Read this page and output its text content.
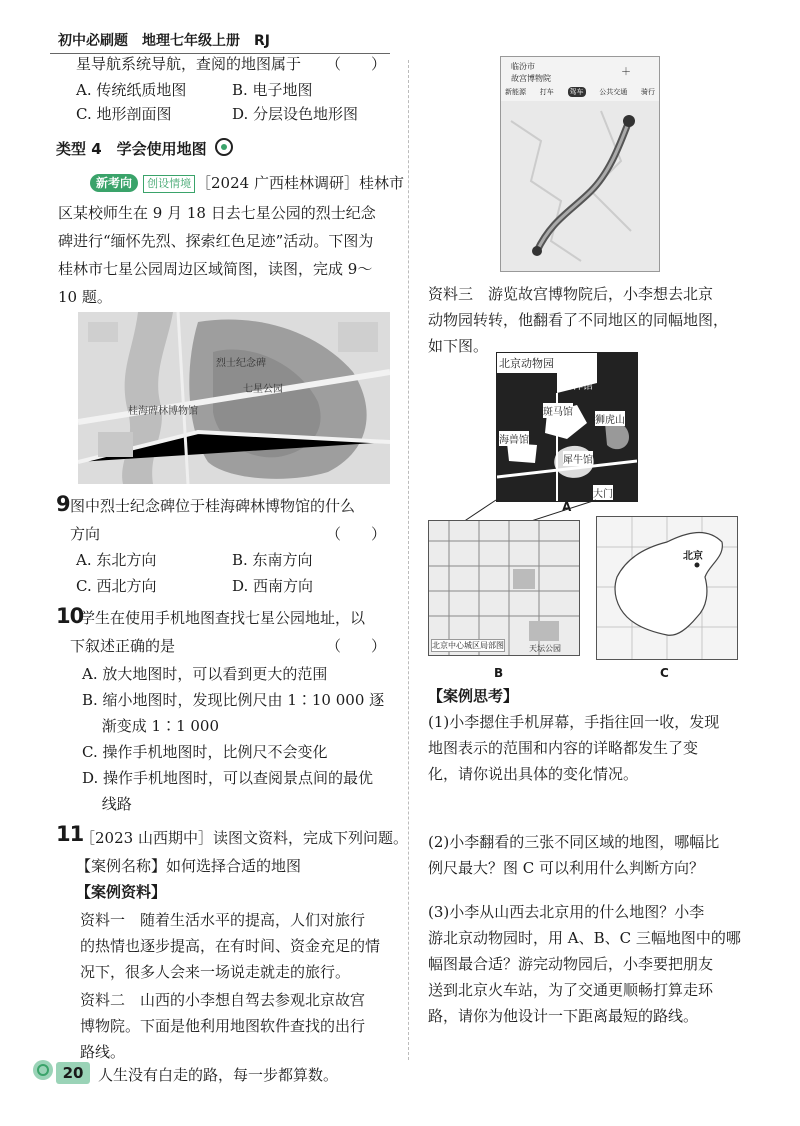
初中必刷题　地理七年级上册　RJ
星导航系统导航，查阅的地图属于 （　　）
A. 传统纸质地图	B. 电子地图
C. 地形剖面图	D. 分层设色地形图
类型 4　学会使用地图
新考向 创设情境 ［2024 广西桂林调研］桂林市
区某校师生在 9 月 18 日去七星公园的烈士纪念
碑进行“缅怀先烈、探索红色足迹”活动。下图为
桂林市七星公园周边区域简图，读图，完成 9～
10 题。
烈士纪念碑
七星公园
桂海碑林博物馆
9 图中烈士纪念碑位于桂海碑林博物馆的什么
方向	（　　）
A. 东北方向	B. 东南方向
C. 西北方向	D. 西南方向
10
学生在使用手机地图查找七星公园地址，以
下叙述正确的是	（　　）
A. 放大地图时，可以看到更大的范围
B. 缩小地图时，发现比例尺由 1∶10 000 逐
　 渐变成 1∶1 000
C. 操作手机地图时，比例尺不会变化
D. 操作手机地图时，可以查阅景点间的最优
　 线路
11
［2023 山西期中］读图文资料，完成下列问题。
【案例名称】如何选择合适的地图
【案例资料】
资料一　随着生活水平的提高，人们对旅行
的热情也逐步提高，在有时间、资金充足的情
况下，很多人会来一场说走就走的旅行。
资料二　山西的小李想自驾去参观北京故宫
博物院。下面是他利用地图软件查找的出行
路线。
临汾市
故宫博物院
＋
新能源 打车 驾车 公共交通 骑行
资料三　游览故宫博物院后，小李想去北京
动物园转转，他翻看了不同地区的同幅地图，
如下图。
北京动物园
海洋馆
斑马馆
狮虎山
海兽馆
犀牛馆
大门
A
北京中心城区局部图	天坛公园
B
北京
C
【案例思考】
(1)小李摁住手机屏幕，手指往回一收，发现
地图表示的范围和内容的详略都发生了变
化，请你说出具体的变化情况。
(2)小李翻看的三张不同区域的地图，哪幅比
例尺最大？图 C 可以利用什么判断方向？
(3)小李从山西去北京用的什么地图？小李
游北京动物园时，用 A、B、C 三幅地图中的哪
幅图最合适？游完动物园后，小李要把朋友
送到北京火车站，为了交通更顺畅打算走环
路，请你为他设计一下距离最短的路线。
20 人生没有白走的路，每一步都算数。
